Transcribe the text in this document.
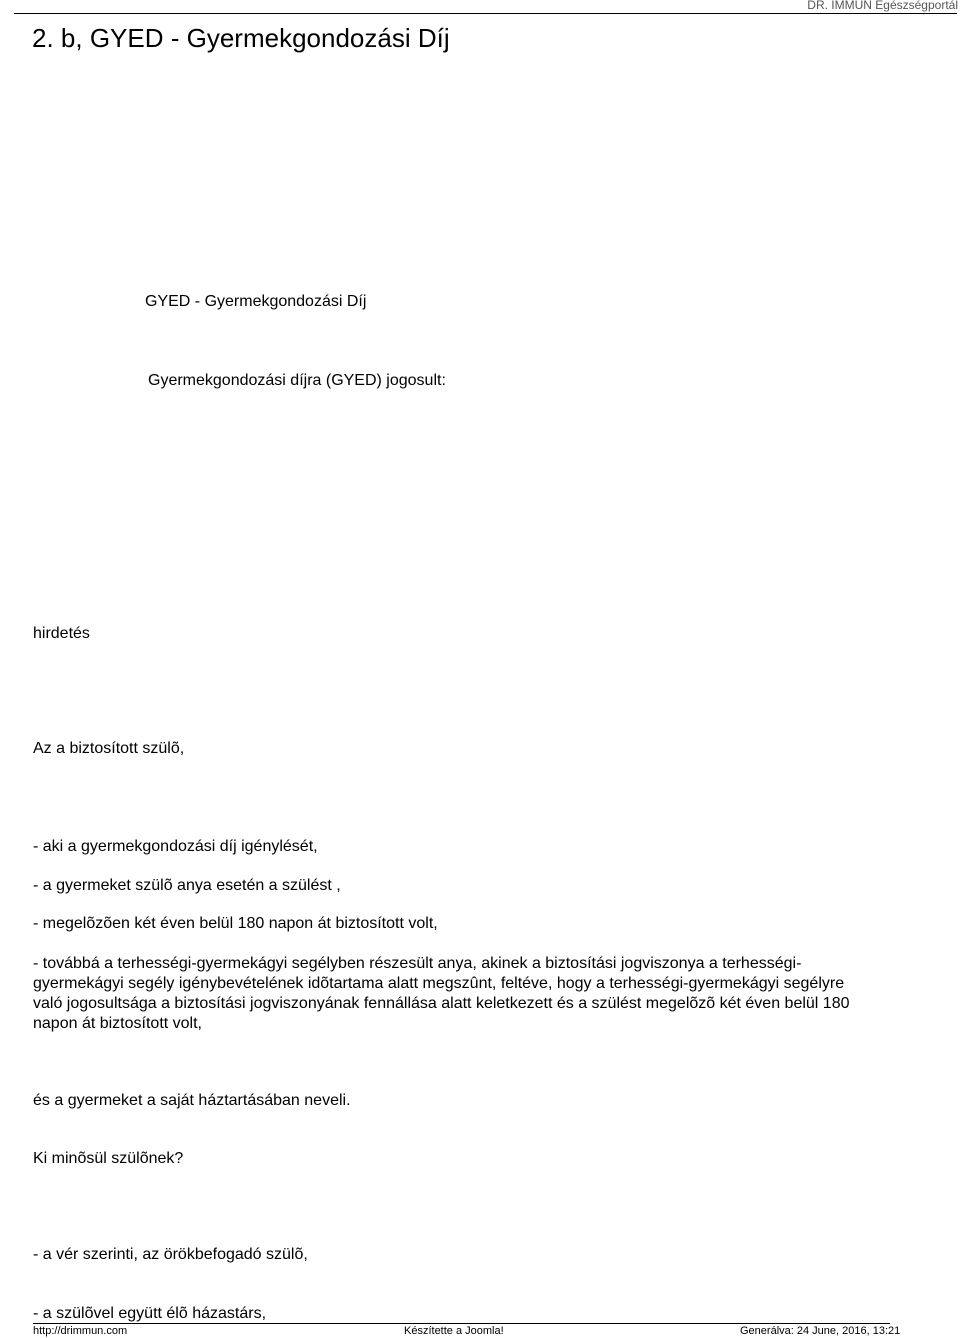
DR. IMMUN Egészségportál
2. b, GYED - Gyermekgondozási Díj
GYED - Gyermekgondozási Díj
Gyermekgondozási díjra (GYED) jogosult:
hirdetés
Az a biztosított szülõ,
- aki a gyermekgondozási díj igénylését,
- a gyermeket szülõ anya esetén a szülést ,
- megelõzõen két éven belül 180 napon át biztosított volt,
- továbbá a terhességi-gyermekágyi segélyben részesült anya, akinek a biztosítási jogviszonya a terhességi-
gyermekágyi segély igénybevételének idõtartama alatt megszûnt, feltéve, hogy a terhességi-gyermekágyi segélyre
való jogosultsága a biztosítási jogviszonyának fennállása alatt keletkezett és a szülést megelõzõ két éven belül 180
napon át biztosított volt,
és a gyermeket a saját háztartásában neveli.
Ki minõsül szülõnek?
- a vér szerinti, az örökbefogadó szülõ,
- a szülõvel együtt élõ házastárs,
http://drimmun.com	Készítette a Joomla!	Generálva: 24 June, 2016, 13:21
